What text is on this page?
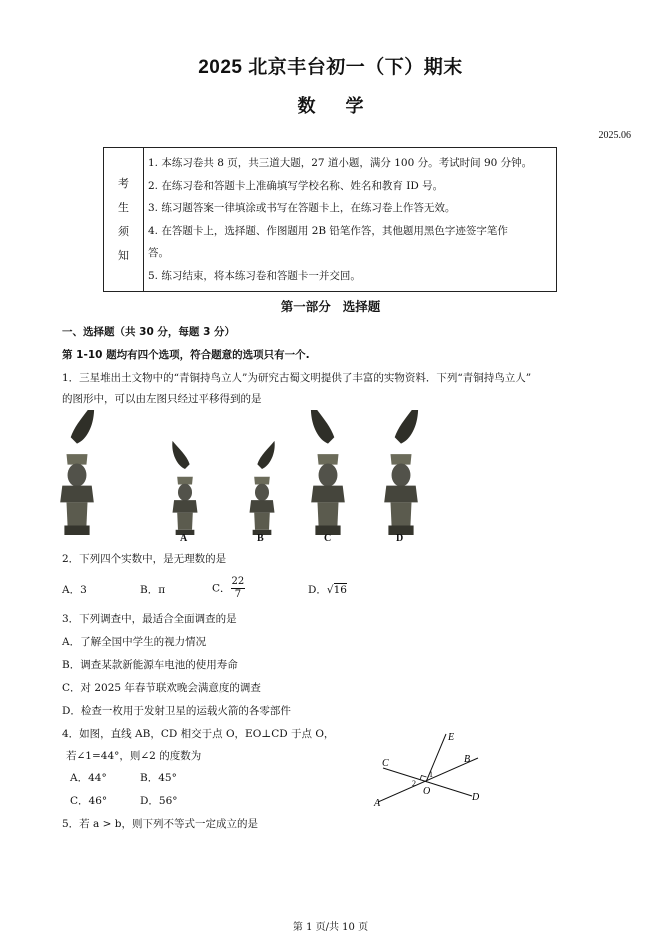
2025 北京丰台初一（下）期末
数学
2025.06
考
生
须
知
1. 本练习卷共 8 页，共三道大题，27 道小题，满分 100 分。考试时间 90 分钟。
2. 在练习卷和答题卡上准确填写学校名称、姓名和教育 ID 号。
3. 练习题答案一律填涂或书写在答题卡上，在练习卷上作答无效。
4. 在答题卡上，选择题、作图题用 2B 铅笔作答，其他题用黑色字迹签字笔作
答。
5. 练习结束，将本练习卷和答题卡一并交回。
第一部分 选择题
一、选择题（共 30 分，每题 3 分）
第 1-10 题均有四个选项，符合题意的选项只有一个.
1．三星堆出土文物中的“青铜持鸟立人”为研究古蜀文明提供了丰富的实物资料．下列“青铜持鸟立人”
的图形中，可以由左图只经过平移得到的是
A	B	C	D
2．下列四个实数中，是无理数的是
A．3	B．π	C． $\frac{22}{7}$	D．√16
3．下列调查中，最适合全面调查的是
A．了解全国中学生的视力情况
B．调查某款新能源车电池的使用寿命
C．对 2025 年春节联欢晚会满意度的调查
D．检查一枚用于发射卫星的运载火箭的各零部件
4．如图，直线 AB，CD 相交于点 O，EO⊥CD 于点 O，
若∠1=44°，则∠2 的度数为
A．44°	B．45°
C．46°	D．56°
E
C	B
A
D
O
1
2
5．若 a > b，则下列不等式一定成立的是
第 1 页/共 10 页
